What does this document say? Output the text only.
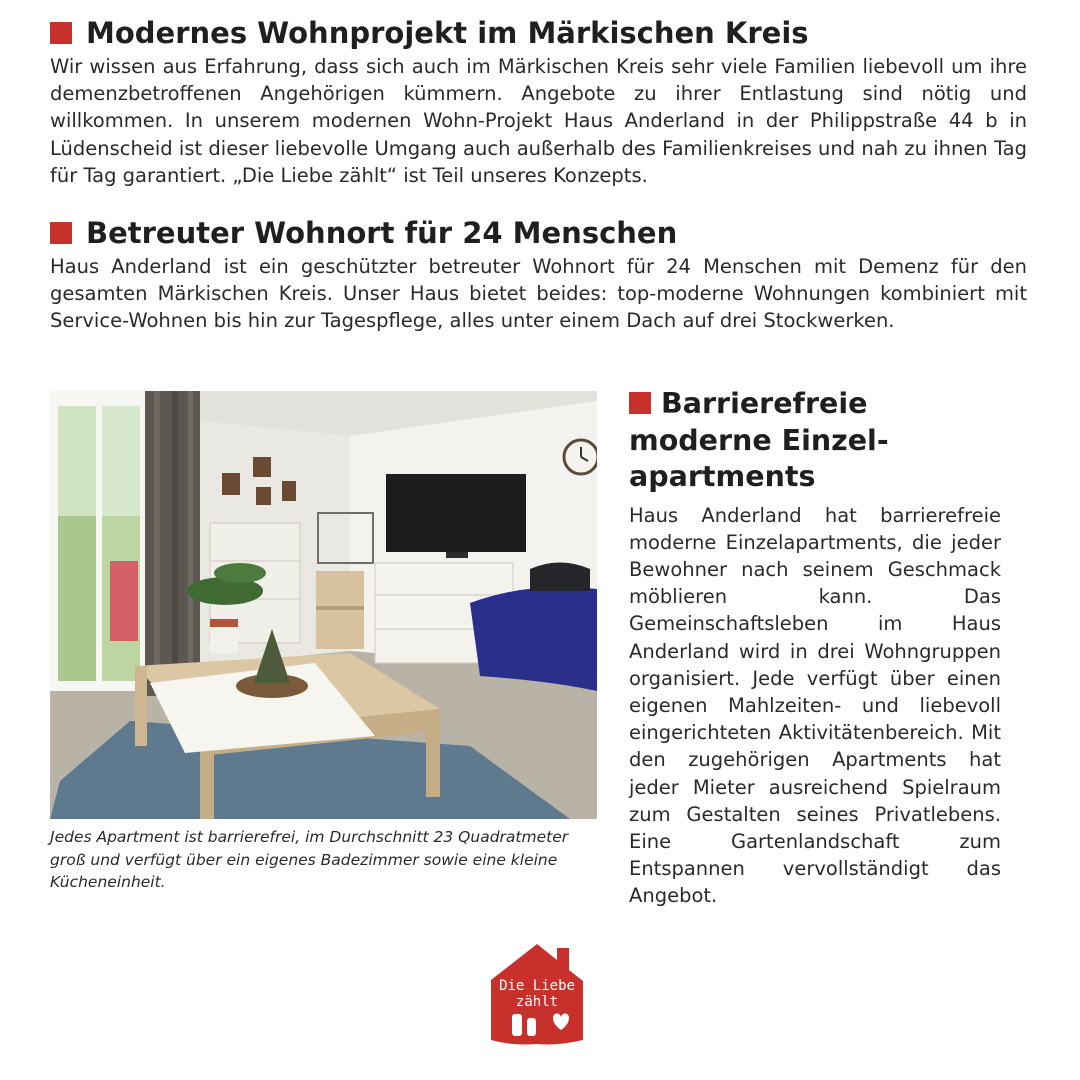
Modernes Wohnprojekt im Märkischen Kreis

Wir wissen aus Erfahrung, dass sich auch im Märkischen Kreis sehr viele Familien liebevoll um ihre demenzbetroffenen Angehörigen kümmern. Angebote zu ihrer Entlastung sind nötig und willkommen. In unserem modernen Wohn-Projekt Haus Anderland in der Philippstraße 44 b in Lüdenscheid ist dieser liebevolle Umgang auch außerhalb des Familienkreises und nah zu ihnen Tag für Tag garantiert. „Die Liebe zählt“ ist Teil unseres Konzepts.

Betreuter Wohnort für 24 Menschen

Haus Anderland ist ein geschützter betreuter Wohnort für 24 Menschen mit Demenz für den gesamten Märkischen Kreis. Unser Haus bietet beides: top-moderne Wohnungen kombiniert mit Service-Wohnen bis hin zur Tagespflege, alles unter einem Dach auf drei Stockwerken.

Jedes Apartment ist barrierefrei, im Durchschnitt 23 Quadratmeter groß und verfügt über ein eigenes Badezimmer sowie eine kleine Kücheneinheit.

Barrierefreie
moderne Einzel-
apartments

Haus Anderland hat barrierefreie moderne Einzelapartments, die jeder Bewohner nach seinem Geschmack möblieren kann. Das Gemeinschaftsleben im Haus Anderland wird in drei Wohngruppen organisiert. Jede verfügt über einen eigenen Mahlzeiten- und liebevoll eingerichteten Aktivitätenbereich. Mit den zugehörigen Apartments hat jeder Mieter ausreichend Spielraum zum Gestalten seines Privatlebens. Eine Gartenlandschaft zum Entspannen vervollständigt das Angebot.

Die Liebe zählt
